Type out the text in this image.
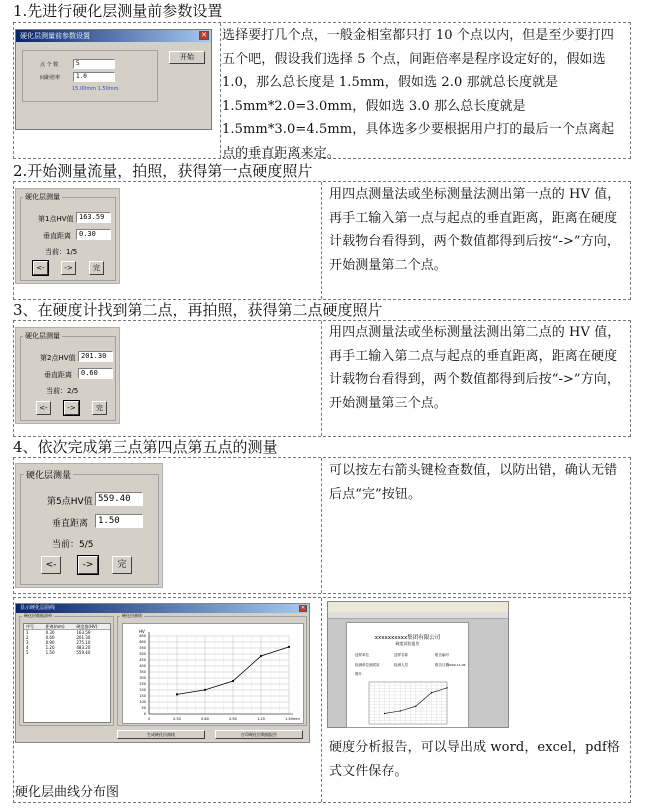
1.先进行硬化层测量前参数设置
硬化层测量前参数设置	✕
点 个 数	5
间距倍率	1.0
15.00mm 1.50mm
开始
选择要打几个点，一般金相室都只打 10 个点以内，但是至少要打四五个吧，假设我们选择 5 个点，间距倍率是程序设定好的，假如选 1.0，那么总长度是 1.5mm，假如选 2.0 那就总长度就是 1.5mm*2.0=3.0mm，假如选 3.0 那么总长度就是 1.5mm*3.0=4.5mm，具体选多少要根据用户打的最后一个点离起点的垂直距离来定。
2.开始测量流量，拍照，获得第一点硬度照片
硬化层测量
第1点HV值 163.59
垂直距离	0.30
当前：1/5
<-	->	完
用四点测量法或坐标测量法测出第一点的 HV 值，再手工输入第一点与起点的垂直距离，距离在硬度计载物台看得到，两个数值都得到后按“->”方向，开始测量第二个点。
3、在硬度计找到第二点，再拍照，获得第二点硬度照片
硬化层测量
第2点HV值 201.30
垂直距离	0.60
当前：2/5
<-	->	完
用四点测量法或坐标测量法测出第二点的 HV 值，再手工输入第二点与起点的垂直距离，距离在硬度计载物台看得到，两个数值都得到后按“->”方向，开始测量第三个点。
4、依次完成第三点第四点第五点的测量
硬化层测量
第5点HV值 559.40
垂直距离	1.50
当前：5/5
<-	->	完
可以按左右箭头键检查数值，以防出错，确认无错后点“完”按钮。
显示硬化层曲线	✕
硬化层数据清单
序号	距离(mm)	硬度值(HV)
1	0.30	163.59
2	0.60	201.30
3	0.90	275.10
4	1.20	483.20
5	1.50	559.40
硬化层曲线
0
50
100
150
200
250
300
350
400
450
500
550
600
650
0	0.30	0.60	0.90	1.20	1.50
HV
mm
生成硬化层曲线	打印硬化层数据报告
硬化层曲线分布图
xxxxxxxxxx集团有限公司
硬度试验报告
送样单位	送样名称	报告编号
检测单位 测试站	检测人员	报告日期 2009-11-06
图片：
硬度分析报告，可以导出成 word，excel，pdf格式文件保存。
